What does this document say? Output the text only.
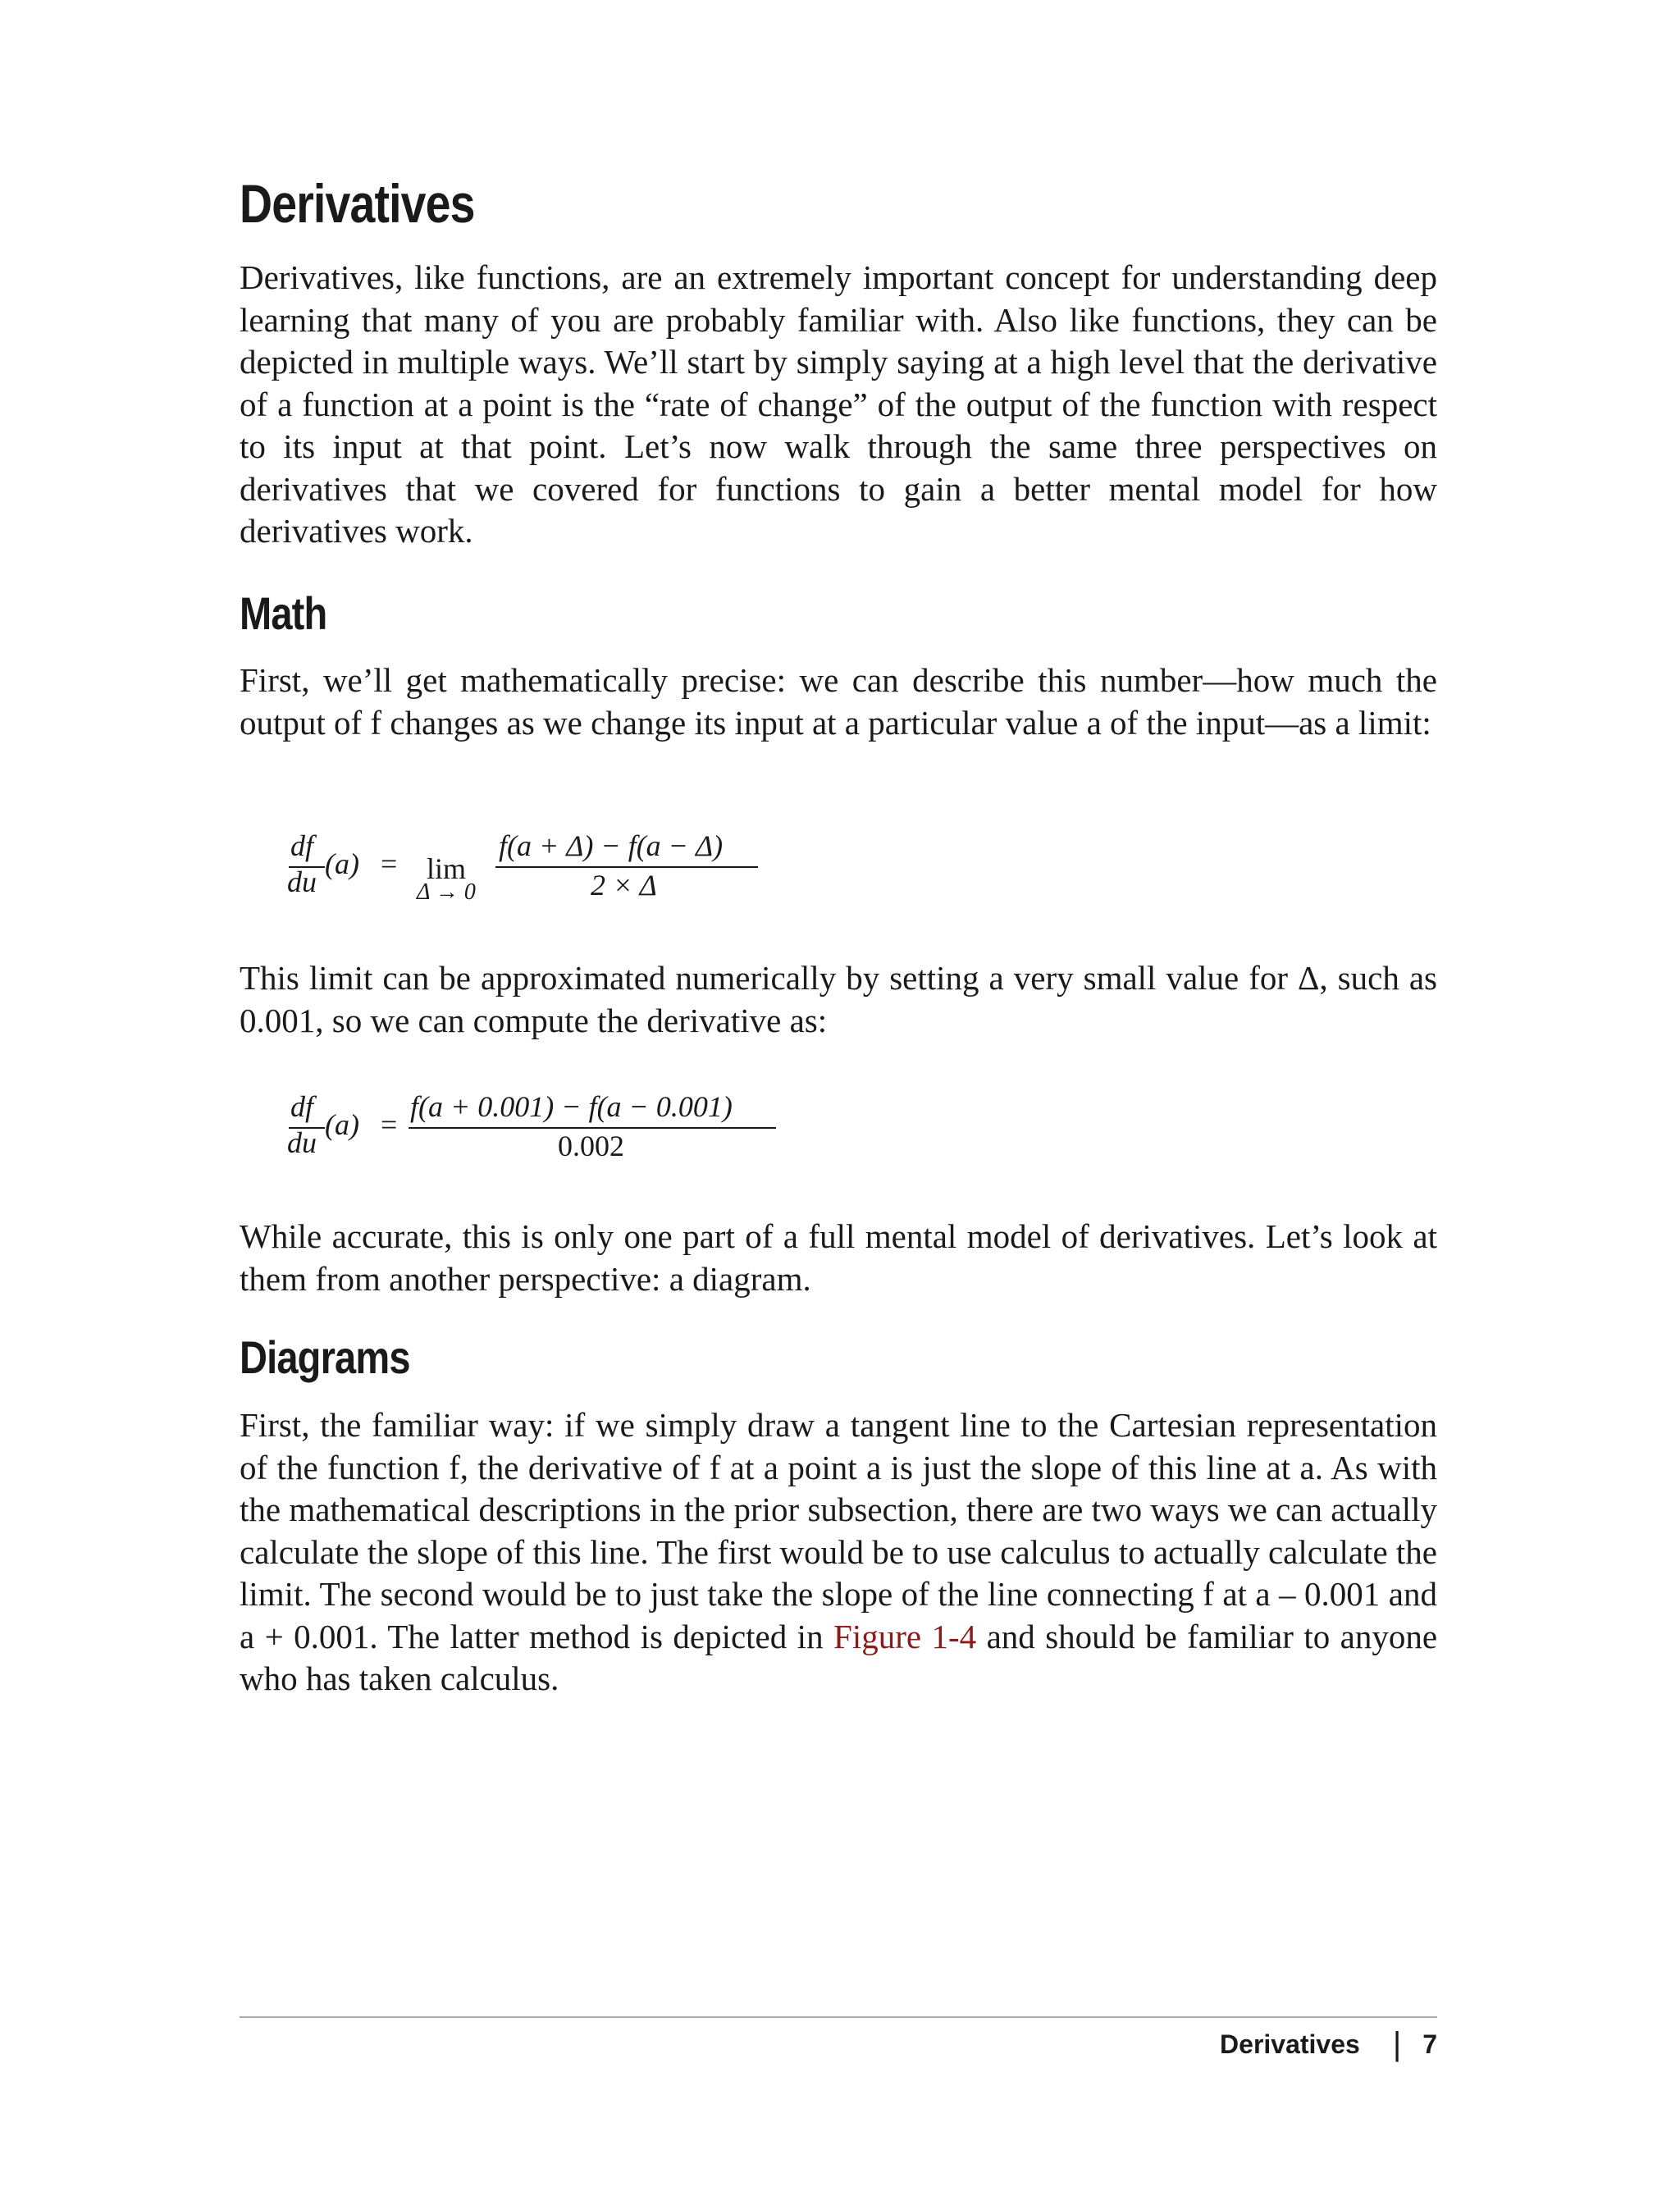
Derivatives

Derivatives, like functions, are an extremely important concept for understanding deep learning that many of you are probably familiar with. Also like functions, they can be depicted in multiple ways. We’ll start by simply saying at a high level that the derivative of a function at a point is the “rate of change” of the output of the function with respect to its input at that point. Let’s now walk through the same three perspectives on derivatives that we covered for functions to gain a better mental model for how derivatives work.

Math

First, we’ll get mathematically precise: we can describe this number—how much the output of f changes as we change its input at a particular value a of the input—as a limit:

df
du
(a) = lim
Δ → 0
f(a + Δ) − f(a − Δ)
2 × Δ

This limit can be approximated numerically by setting a very small value for Δ, such as 0.001, so we can compute the derivative as:

df
du
(a) =
f(a + 0.001) − f(a − 0.001)
0.002

While accurate, this is only one part of a full mental model of derivatives. Let’s look at them from another perspective: a diagram.

Diagrams

First, the familiar way: if we simply draw a tangent line to the Cartesian representation of the function f, the derivative of f at a point a is just the slope of this line at a. As with the mathematical descriptions in the prior subsection, there are two ways we can actually calculate the slope of this line. The first would be to use calculus to actually calculate the limit. The second would be to just take the slope of the line connecting f at a – 0.001 and a + 0.001. The latter method is depicted in Figure 1-4 and should be familiar to anyone who has taken calculus.

Derivatives | 7
